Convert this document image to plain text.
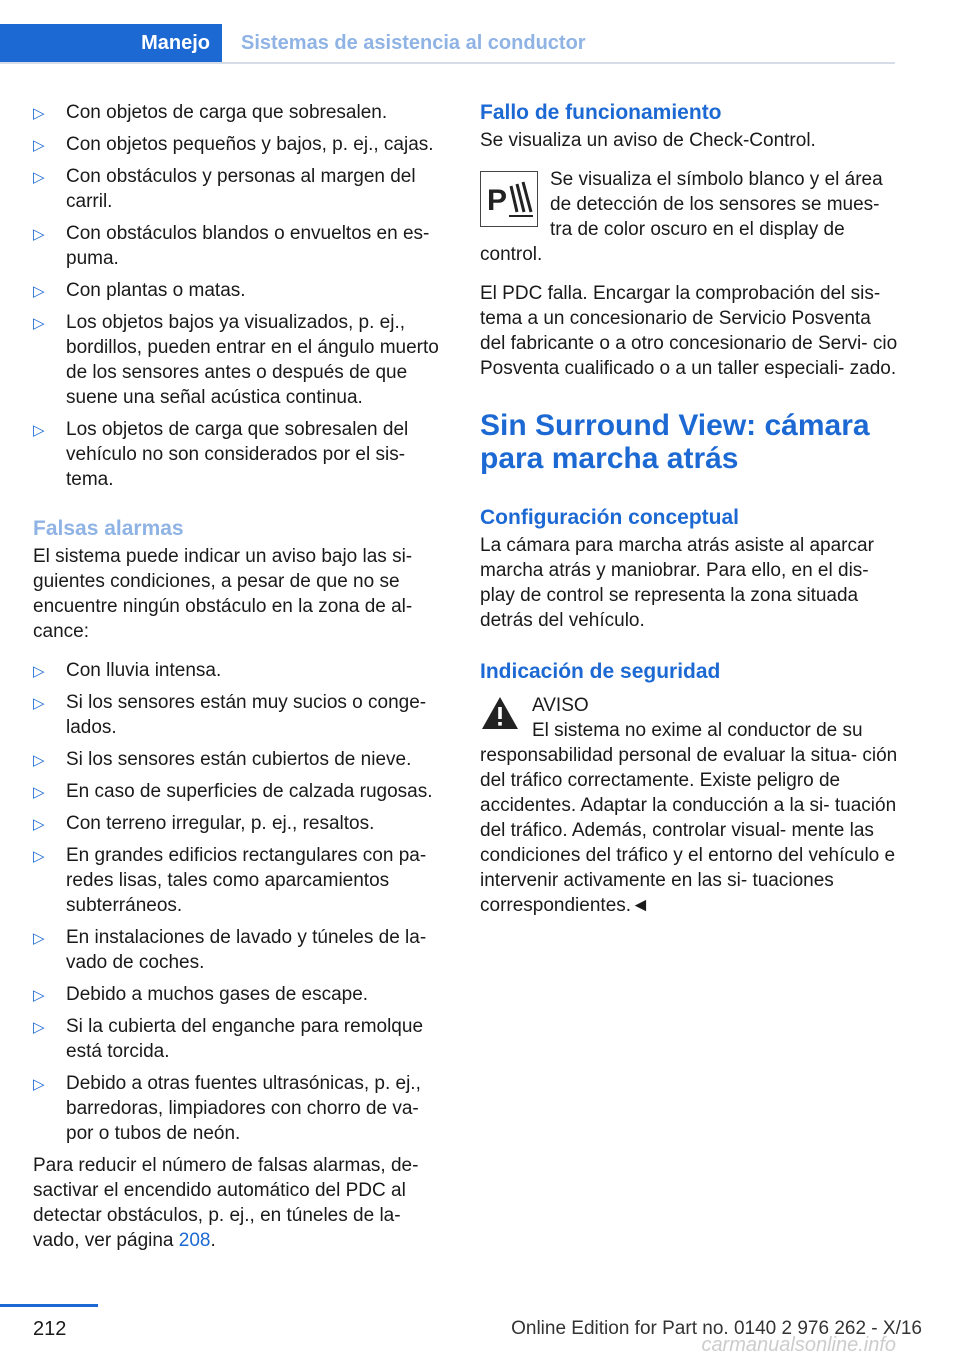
Manejo	Sistemas de asistencia al conductor
▷ Con objetos de carga que sobresalen.
▷ Con objetos pequeños y bajos, p. ej., cajas.
▷ Con obstáculos y personas al margen del carril.
▷ Con obstáculos blandos o envueltos en es‐ puma.
▷ Con plantas o matas.
▷ Los objetos bajos ya visualizados, p. ej., bordillos, pueden entrar en el ángulo muerto de los sensores antes o después de que suene una señal acústica continua.
▷ Los objetos de carga que sobresalen del vehículo no son considerados por el sis‐ tema.
Falsas alarmas

El sistema puede indicar un aviso bajo las si‐ guientes condiciones, a pesar de que no se encuentre ningún obstáculo en la zona de al‐ cance:

▷ Con lluvia intensa.
▷ Si los sensores están muy sucios o conge‐ lados.
▷ Si los sensores están cubiertos de nieve.
▷ En caso de superficies de calzada rugosas.
▷ Con terreno irregular, p. ej., resaltos.
▷ En grandes edificios rectangulares con pa‐ redes lisas, tales como aparcamientos subterráneos.
▷ En instalaciones de lavado y túneles de la‐ vado de coches.
▷ Debido a muchos gases de escape.
▷ Si la cubierta del enganche para remolque está torcida.
▷ Debido a otras fuentes ultrasónicas, p. ej., barredoras, limpiadores con chorro de va‐ por o tubos de neón.

Para reducir el número de falsas alarmas, de‐ sactivar el encendido automático del PDC al detectar obstáculos, p. ej., en túneles de la‐ vado, ver página 208.

Fallo de funcionamiento

Se visualiza un aviso de Check-Control.

P

Se visualiza el símbolo blanco y el área de detección de los sensores se mues‐ tra de color oscuro en el display de control.

El PDC falla. Encargar la comprobación del sis‐ tema a un concesionario de Servicio Posventa del fabricante o a otro concesionario de Servi‐ cio Posventa cualificado o a un taller especiali‐ zado.

Sin Surround View: cámara para marcha atrás
Configuración conceptual

La cámara para marcha atrás asiste al aparcar marcha atrás y maniobrar. Para ello, en el dis‐ play de control se representa la zona situada detrás del vehículo.

Indicación de seguridad
AVISO

El sistema no exime al conductor de su responsabilidad personal de evaluar la situa‐ ción del tráfico correctamente. Existe peligro de accidentes. Adaptar la conducción a la si‐ tuación del tráfico. Además, controlar visual‐ mente las condiciones del tráfico y el entorno del vehículo e intervenir activamente en las si‐ tuaciones correspondientes.◄

212	Online Edition for Part no. 0140 2 976 262 - X/16
carmanualsonline.info
